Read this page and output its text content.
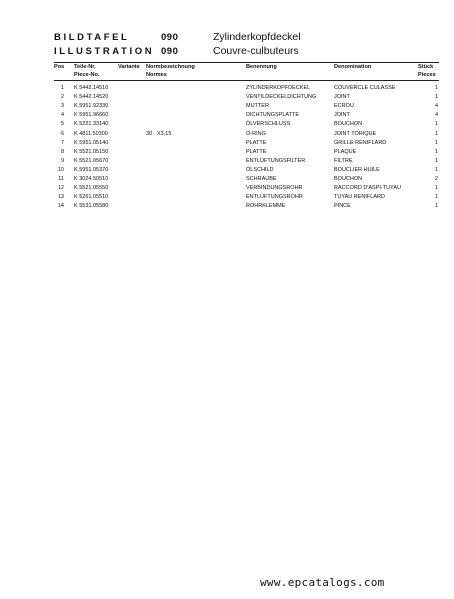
BILDTAFEL	090	Zylinderkopfdeckel
ILLUSTRATION 090	Couvre-culbuteurs
Pos Teile-Nr.
Piece-No.
Variante Normbezeichnung
Normes
Benennung	Denomination	Stück
Pieces
1 K 5442.14510	ZYLINDERKOPFDECKEL	COUVERCLE CULASSE	1
2 K 5442.14520	VENTILDECKELDICHTUNG	JOINT	1
3 K 5951.92330	MUTTER	ECROU	4
4 K 5951.96660	DICHTUNGSPLATTE	JOINT	4
5 K 5221.33140	ÖLVERSCHLUSS	BOUCHON	1
6 K 4811.50300	30 X3,15	O-RING	JOINT TORIQUE	1
7 K 5951.05140	PLATTE	GRILLE RENIFLARD	1
8 K 5521.05150	PLATTE	PLAQUE	1
9 K 5521.05670	ENTLÜFTUNGSFILTER	FILTRE	1
10 K 5951.05370	ÖLSCHILD	BOUCLIER HUILE	1
11 K 3024.50510	SCHRAUBE	BOUCHON	2
12 K 5521.05550	VERBINDUNGSROHR	RACCORD D'ASPI-TUYAU	1
13 K 5261.05510	ENTLÜFTUNGSROHR	TUYAU RENIFLARD	1
14 K 5531.05580	ROHRKLEMME	PINCE	1
www.epcatalogs.com
